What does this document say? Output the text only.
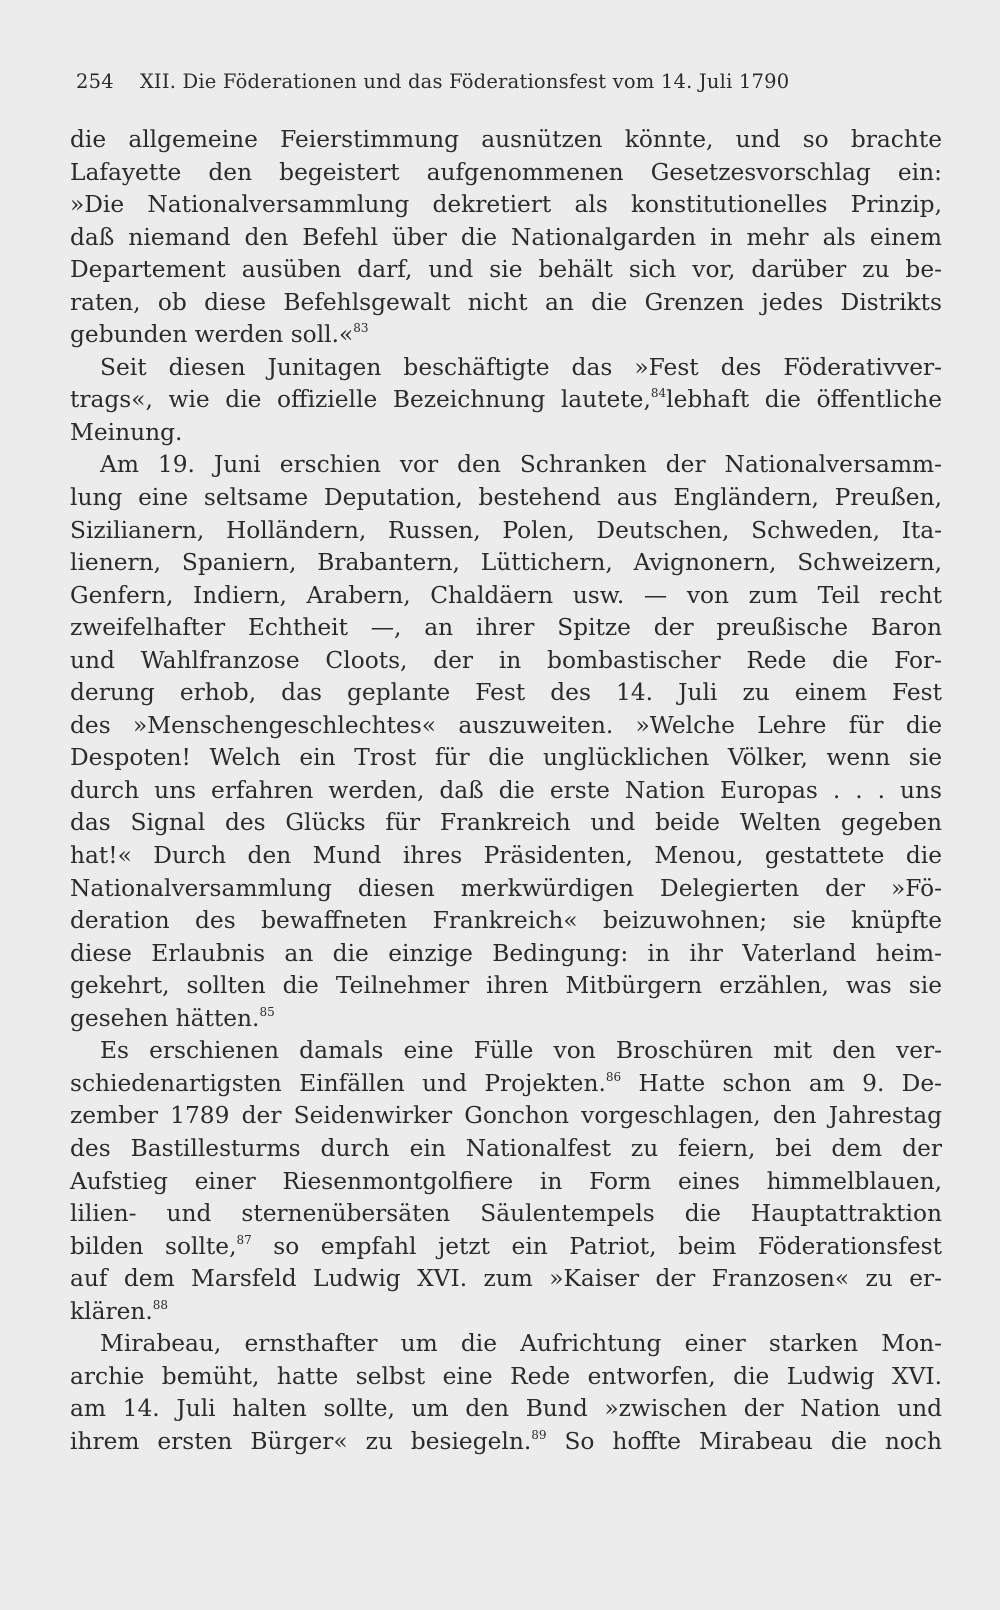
254 XII. Die Föderationen und das Föderationsfest vom 14. Juli 1790
die allgemeine Feierstimmung ausnützen könnte, und so brachte
Lafayette den begeistert aufgenommenen Gesetzesvorschlag ein:
»Die Nationalversammlung dekretiert als konstitutionelles Prinzip,
daß niemand den Befehl über die Nationalgarden in mehr als einem
Departement ausüben darf, und sie behält sich vor, darüber zu be-
raten, ob diese Befehlsgewalt nicht an die Grenzen jedes Distrikts
gebunden werden soll.«$^{83}$
Seit diesen Junitagen beschäftigte das »Fest des Föderativver-
trags«, wie die offizielle Bezeichnung lautete,$^{84}$lebhaft die öffentliche
Meinung.
Am 19. Juni erschien vor den Schranken der Nationalversamm-
lung eine seltsame Deputation, bestehend aus Engländern, Preußen,
Sizilianern, Holländern, Russen, Polen, Deutschen, Schweden, Ita-
lienern, Spaniern, Brabantern, Lüttichern, Avignonern, Schweizern,
Genfern, Indiern, Arabern, Chaldäern usw. — von zum Teil recht
zweifelhafter Echtheit —, an ihrer Spitze der preußische Baron
und Wahlfranzose Cloots, der in bombastischer Rede die For-
derung erhob, das geplante Fest des 14. Juli zu einem Fest
des »Menschengeschlechtes« auszuweiten. »Welche Lehre für die
Despoten! Welch ein Trost für die unglücklichen Völker, wenn sie
durch uns erfahren werden, daß die erste Nation Europas . . . uns
das Signal des Glücks für Frankreich und beide Welten gegeben
hat!« Durch den Mund ihres Präsidenten, Menou, gestattete die
Nationalversammlung diesen merkwürdigen Delegierten der »Fö-
deration des bewaffneten Frankreich« beizuwohnen; sie knüpfte
diese Erlaubnis an die einzige Bedingung: in ihr Vaterland heim-
gekehrt, sollten die Teilnehmer ihren Mitbürgern erzählen, was sie
gesehen hätten.$^{85}$
Es erschienen damals eine Fülle von Broschüren mit den ver-
schiedenartigsten Einfällen und Projekten.$^{86}$ Hatte schon am 9. De-
zember 1789 der Seidenwirker Gonchon vorgeschlagen, den Jahrestag
des Bastillesturms durch ein Nationalfest zu feiern, bei dem der
Aufstieg einer Riesenmontgolfiere in Form eines himmelblauen,
lilien- und sternenübersäten Säulentempels die Hauptattraktion
bilden sollte,$^{87}$ so empfahl jetzt ein Patriot, beim Föderationsfest
auf dem Marsfeld Ludwig XVI. zum »Kaiser der Franzosen« zu er-
klären.$^{88}$
Mirabeau, ernsthafter um die Aufrichtung einer starken Mon-
archie bemüht, hatte selbst eine Rede entworfen, die Ludwig XVI.
am 14. Juli halten sollte, um den Bund »zwischen der Nation und
ihrem ersten Bürger« zu besiegeln.$^{89}$ So hoffte Mirabeau die noch
